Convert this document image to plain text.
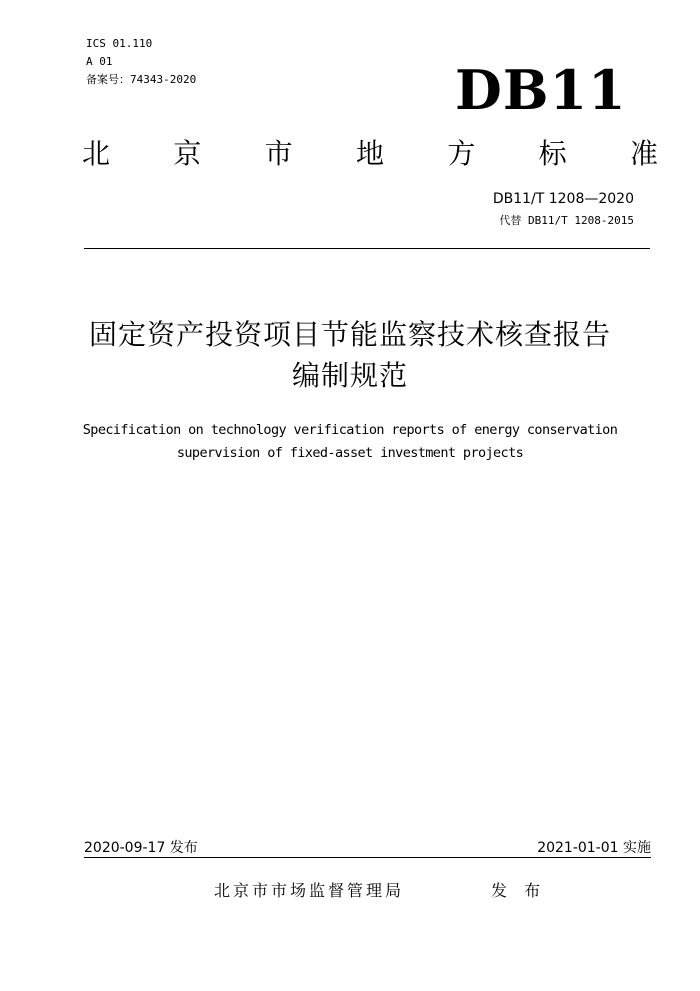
ICS 01.110
A 01
备案号：74343-2020	DB11
北 京 市 地 方 标 准
DB11/T 1208—2020
代替 DB11/T 1208-2015
固定资产投资项目节能监察技术核查报告
编制规范
Specification on technology verification reports of energy conservation
supervision of fixed-asset investment projects
2020-09-17 发布	2021-01-01 实施
北京市市场监督管理局	发 布
